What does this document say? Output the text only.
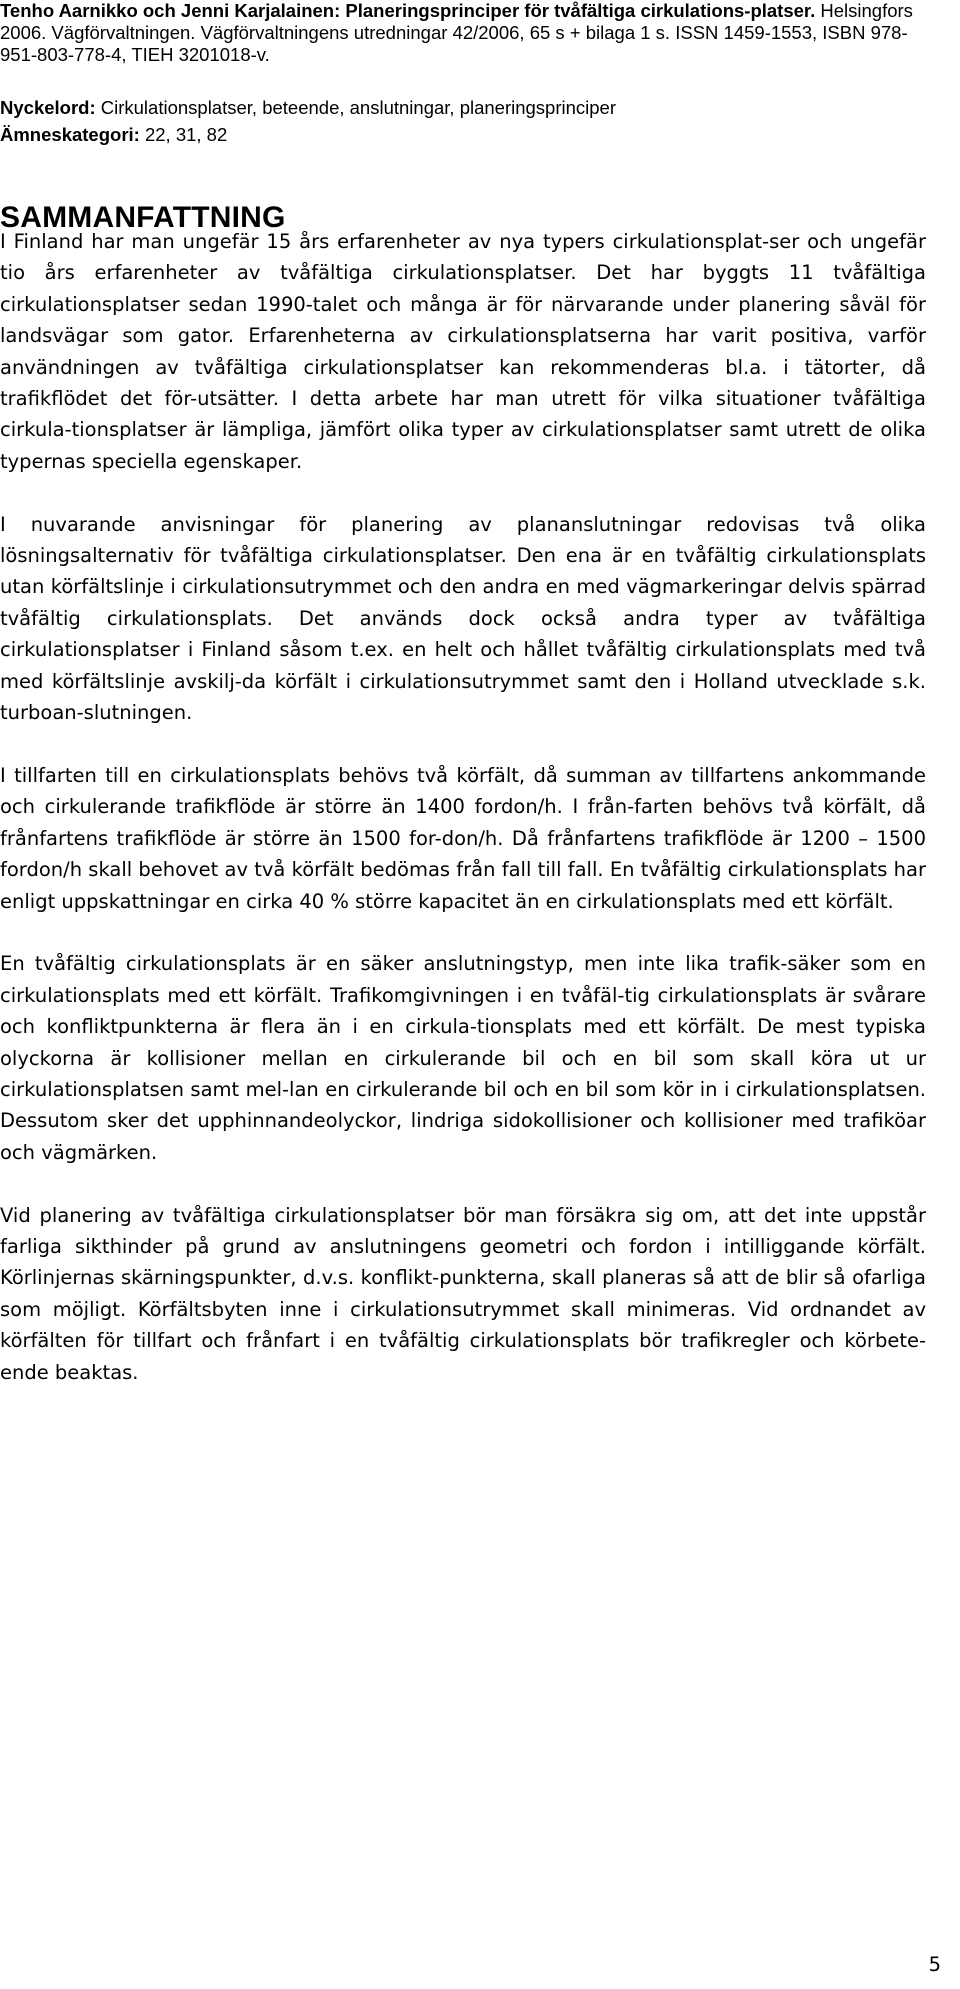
Tenho Aarnikko och Jenni Karjalainen: Planeringsprinciper för tvåfältiga cirkulations-platser. Helsingfors 2006. Vägförvaltningen. Vägförvaltningens utredningar 42/2006, 65 s + bilaga 1 s. ISSN 1459-1553, ISBN 978-951-803-778-4, TIEH 3201018-v.
Nyckelord: Cirkulationsplatser, beteende, anslutningar, planeringsprinciper
Ämneskategori: 22, 31, 82
SAMMANFATTNING

I Finland har man ungefär 15 års erfarenheter av nya typers cirkulationsplat-ser och ungefär tio års erfarenheter av tvåfältiga cirkulationsplatser. Det har byggts 11 tvåfältiga cirkulationsplatser sedan 1990-talet och många är för närvarande under planering såväl för landsvägar som gator. Erfarenheterna av cirkulationsplatserna har varit positiva, varför användningen av tvåfältiga cirkulationsplatser kan rekommenderas bl.a. i tätorter, då trafikflödet det för-utsätter. I detta arbete har man utrett för vilka situationer tvåfältiga cirkula-tionsplatser är lämpliga, jämfört olika typer av cirkulationsplatser samt utrett de olika typernas speciella egenskaper.

I nuvarande anvisningar för planering av plananslutningar redovisas två olika lösningsalternativ för tvåfältiga cirkulationsplatser. Den ena är en tvåfältig cirkulationsplats utan körfältslinje i cirkulationsutrymmet och den andra en med vägmarkeringar delvis spärrad tvåfältig cirkulationsplats. Det används dock också andra typer av tvåfältiga cirkulationsplatser i Finland såsom t.ex. en helt och hållet tvåfältig cirkulationsplats med två med körfältslinje avskilj-da körfält i cirkulationsutrymmet samt den i Holland utvecklade s.k. turboan-slutningen.

I tillfarten till en cirkulationsplats behövs två körfält, då summan av tillfartens ankommande och cirkulerande trafikflöde är större än 1400 fordon/h. I från-farten behövs två körfält, då frånfartens trafikflöde är större än 1500 for-don/h. Då frånfartens trafikflöde är 1200 – 1500 fordon/h skall behovet av två körfält bedömas från fall till fall. En tvåfältig cirkulationsplats har enligt uppskattningar en cirka 40 % större kapacitet än en cirkulationsplats med ett körfält.

En tvåfältig cirkulationsplats är en säker anslutningstyp, men inte lika trafik-säker som en cirkulationsplats med ett körfält. Trafikomgivningen i en tvåfäl-tig cirkulationsplats är svårare och konfliktpunkterna är flera än i en cirkula-tionsplats med ett körfält. De mest typiska olyckorna är kollisioner mellan en cirkulerande bil och en bil som skall köra ut ur cirkulationsplatsen samt mel-lan en cirkulerande bil och en bil som kör in i cirkulationsplatsen. Dessutom sker det upphinnandeolyckor, lindriga sidokollisioner och kollisioner med trafiköar och vägmärken.

Vid planering av tvåfältiga cirkulationsplatser bör man försäkra sig om, att det inte uppstår farliga sikthinder på grund av anslutningens geometri och fordon i intilliggande körfält. Körlinjernas skärningspunkter, d.v.s. konflikt-punkterna, skall planeras så att de blir så ofarliga som möjligt. Körfältsbyten inne i cirkulationsutrymmet skall minimeras. Vid ordnandet av körfälten för tillfart och frånfart i en tvåfältig cirkulationsplats bör trafikregler och körbete-ende beaktas.

5
